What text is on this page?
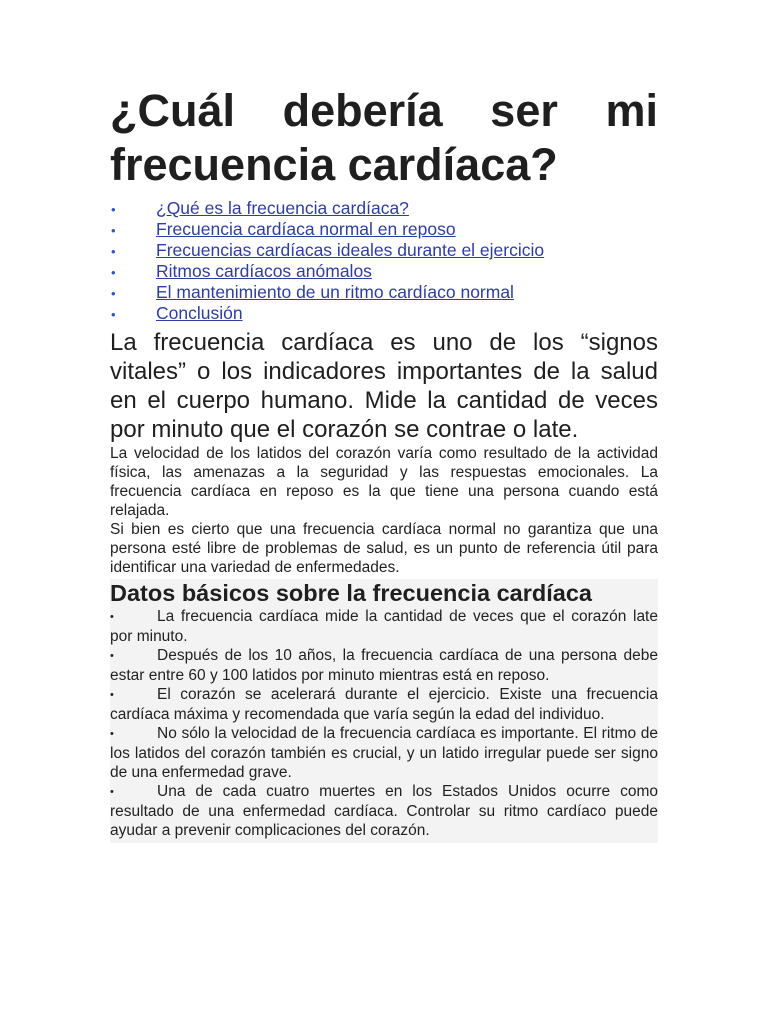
¿Cuál debería ser mi frecuencia cardíaca?
• ¿Qué es la frecuencia cardíaca?
• Frecuencia cardíaca normal en reposo
• Frecuencias cardíacas ideales durante el ejercicio
• Ritmos cardíacos anómalos
• El mantenimiento de un ritmo cardíaco normal
• Conclusión

La frecuencia cardíaca es uno de los “signos vitales” o los indicadores importantes de la salud en el cuerpo humano. Mide la cantidad de veces por minuto que el corazón se contrae o late.

La velocidad de los latidos del corazón varía como resultado de la actividad física, las amenazas a la seguridad y las respuestas emocionales. La frecuencia cardíaca en reposo es la que tiene una persona cuando está relajada.

Si bien es cierto que una frecuencia cardíaca normal no garantiza que una persona esté libre de problemas de salud, es un punto de referencia útil para identificar una variedad de enfermedades.

Datos básicos sobre la frecuencia cardíaca

•	La frecuencia cardíaca mide la cantidad de veces que el corazón late por minuto.

•	Después de los 10 años, la frecuencia cardíaca de una persona debe estar entre 60 y 100 latidos por minuto mientras está en reposo.

•	El corazón se acelerará durante el ejercicio. Existe una frecuencia cardíaca máxima y recomendada que varía según la edad del individuo.

•	No sólo la velocidad de la frecuencia cardíaca es importante. El ritmo de los latidos del corazón también es crucial, y un latido irregular puede ser signo de una enfermedad grave.

•	Una de cada cuatro muertes en los Estados Unidos ocurre como resultado de una enfermedad cardíaca. Controlar su ritmo cardíaco puede ayudar a prevenir complicaciones del corazón.
